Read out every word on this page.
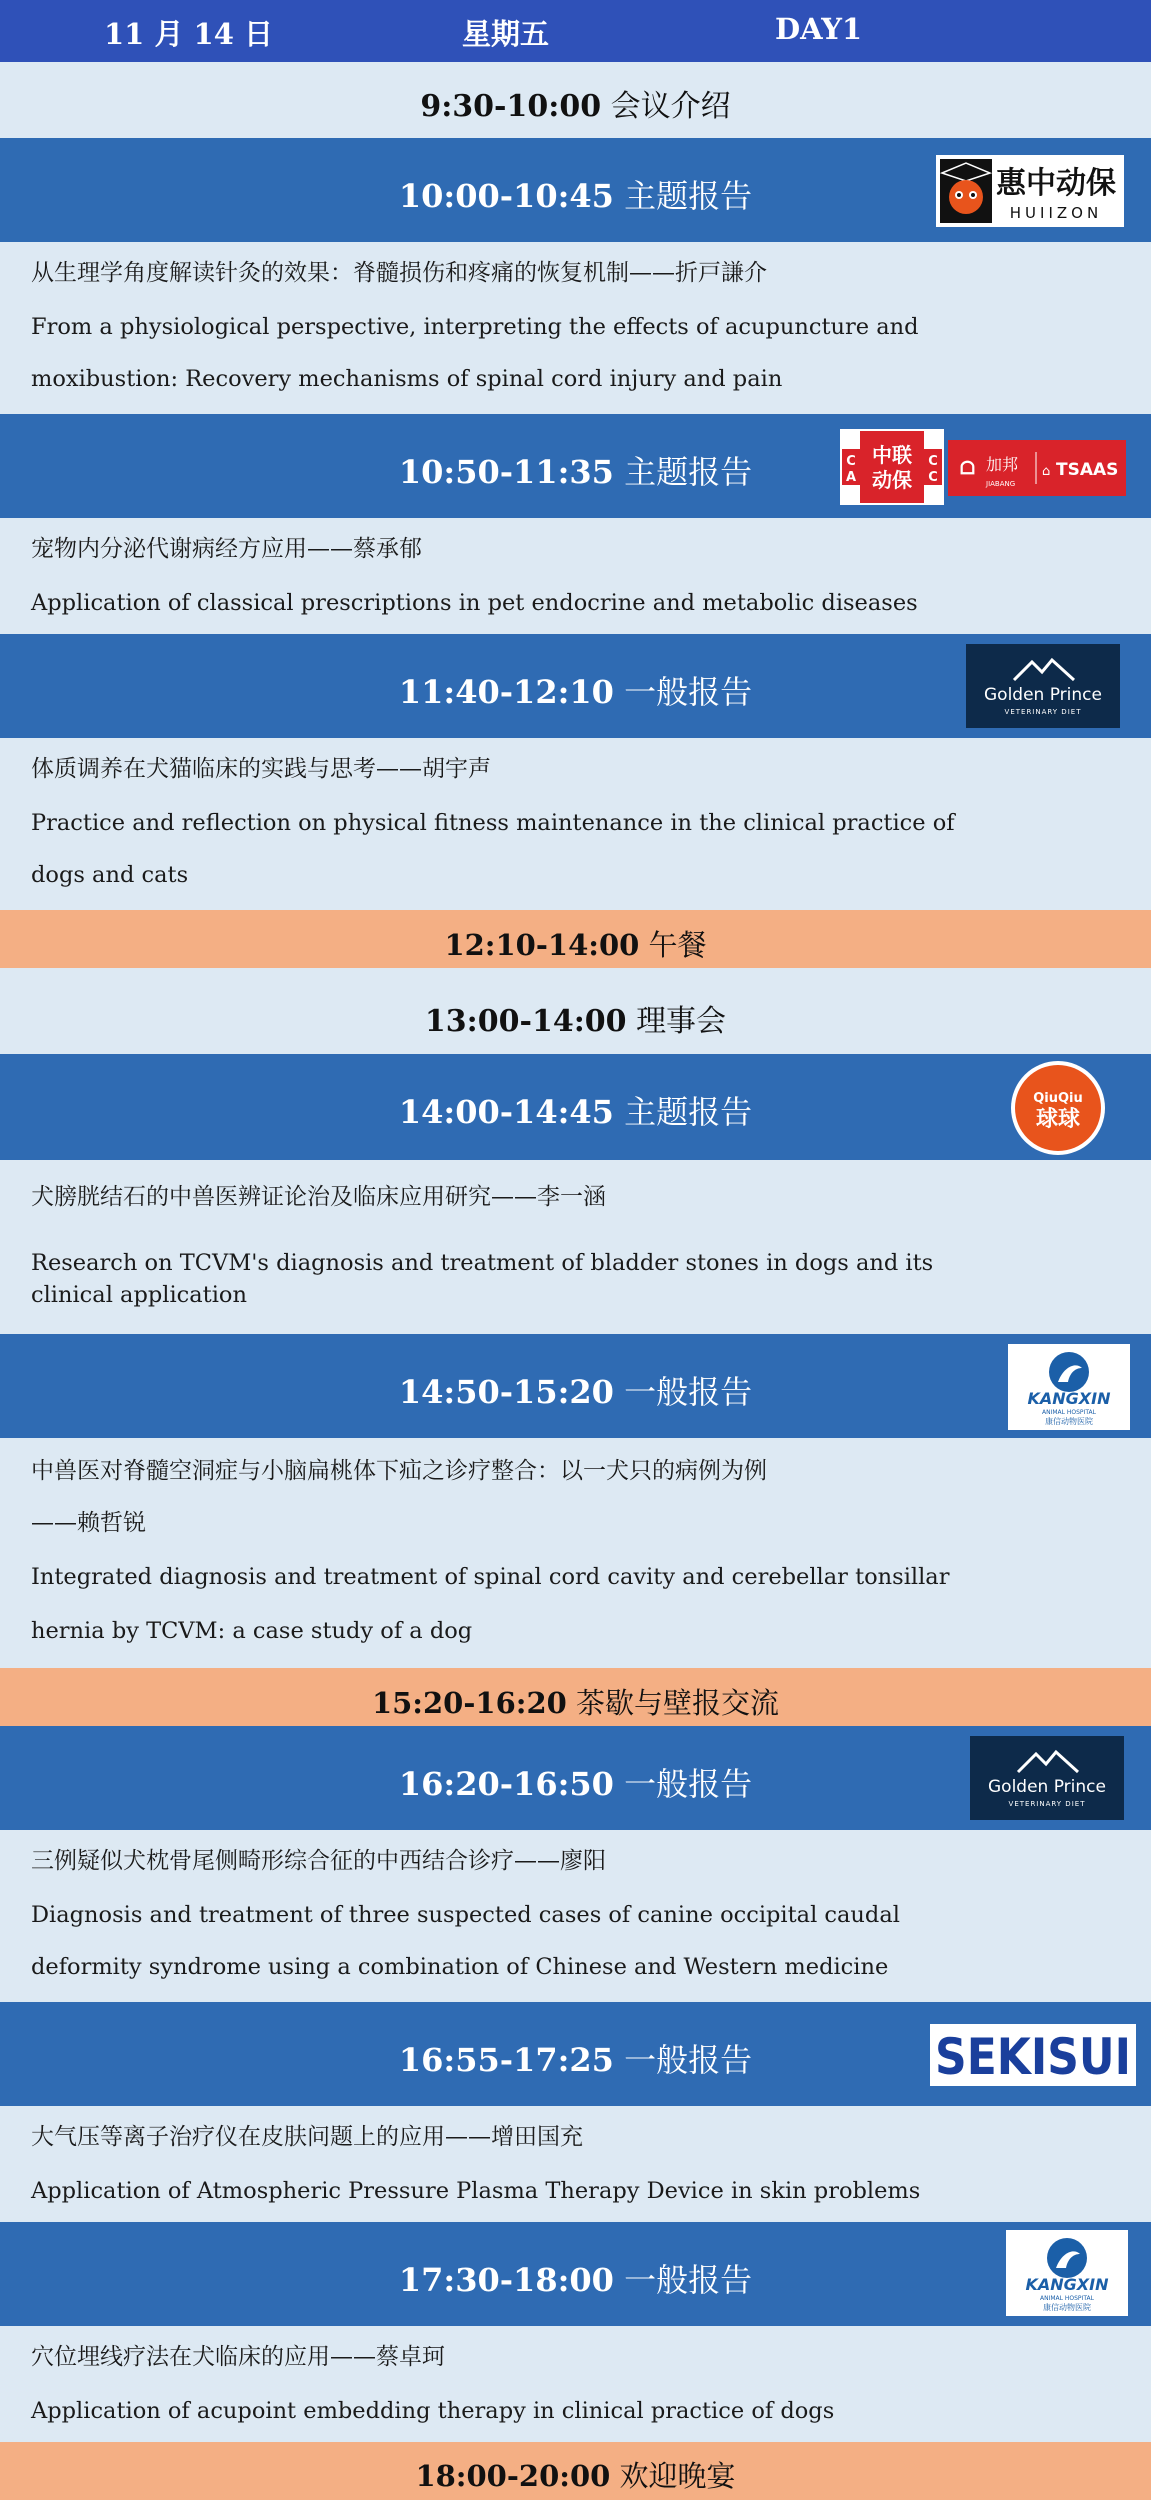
11 月 14 日	星期五	DAY1
9:30-10:00 会议介绍
10:00-10:45 主题报告	惠中动保
HUIIZON
从生理学角度解读针灸的效果：脊髓损伤和疼痛的恢复机制——折戸謙介
From a physiological perspective, interpreting the effects of acupuncture and
moxibustion: Recovery mechanisms of spinal cord injury and pain
10:50-11:35 主题报告	中联
动保
C	C
A	C ᗝ 加邦
JIABANG
⌂ TSAAS
宠物内分泌代谢病经方应用——蔡承郁
Application of classical prescriptions in pet endocrine and metabolic diseases
11:40-12:10 一般报告	Golden Prince
VETERINARY DIET
体质调养在犬猫临床的实践与思考——胡宇声
Practice and reflection on physical fitness maintenance in the clinical practice of
dogs and cats
12:10-14:00 午餐
13:00-14:00 理事会
14:00-14:45 主题报告	QiuQiu
球球
犬膀胱结石的中兽医辨证论治及临床应用研究——李一涵
Research on TCVM's diagnosis and treatment of bladder stones in dogs and its
clinical application
14:50-15:20 一般报告	KANGXIN
ANIMAL HOSPITAL
康信动物医院
中兽医对脊髓空洞症与小脑扁桃体下疝之诊疗整合：以一犬只的病例为例
——赖哲锐
Integrated diagnosis and treatment of spinal cord cavity and cerebellar tonsillar
hernia by TCVM: a case study of a dog
15:20-16:20 茶歇与壁报交流
16:20-16:50 一般报告	Golden Prince
VETERINARY DIET
三例疑似犬枕骨尾侧畸形综合征的中西结合诊疗——廖阳
Diagnosis and treatment of three suspected cases of canine occipital caudal
deformity syndrome using a combination of Chinese and Western medicine
16:55-17:25 一般报告	SEKISUI
大气压等离子治疗仪在皮肤问题上的应用——增田国充
Application of Atmospheric Pressure Plasma Therapy Device in skin problems
17:30-18:00 一般报告	KANGXIN
ANIMAL HOSPITAL
康信动物医院
穴位埋线疗法在犬临床的应用——蔡卓珂
Application of acupoint embedding therapy in clinical practice of dogs
18:00-20:00 欢迎晚宴
